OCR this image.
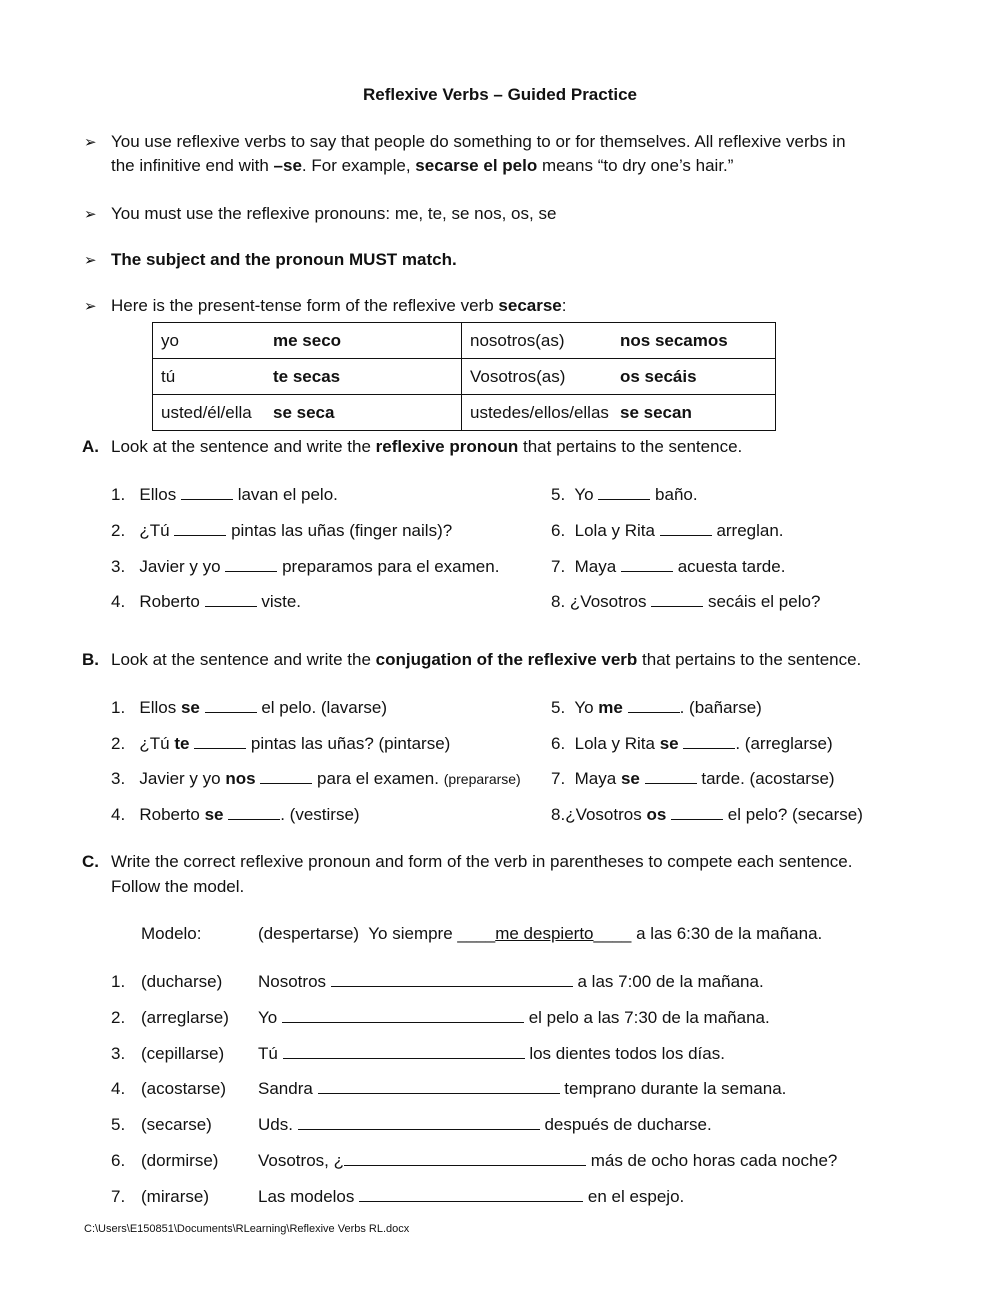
Reflexive Verbs – Guided Practice
➢ You use reflexive verbs to say that people do something to or for themselves. All reflexive verbs in
the infinitive end with –se. For example, secarse el pelo means “to dry one’s hair.”
➢ You must use the reflexive pronouns: me, te, se nos, os, se
➢ The subject and the pronoun MUST match.
➢ Here is the present-tense form of the reflexive verb secarse:
yo me seco	nosotros(as) nos secamos
tú te secas	Vosotros(as) os secáis
usted/él/ella se seca	ustedes/ellos/ellas se secan
A. Look at the sentence and write the reflexive pronoun that pertains to the sentence.
1. Ellos	lavan el pelo.
2. ¿Tú	pintas las uñas (finger nails)?
3. Javier y yo	preparamos para el examen.
4. Roberto	viste.
5. Yo	baño.
6. Lola y Rita	arreglan.
7. Maya	acuesta tarde.
8. ¿Vosotros	secáis el pelo?
B. Look at the sentence and write the conjugation of the reflexive verb that pertains to the sentence.
1. Ellos se	el pelo. (lavarse)
2. ¿Tú te	pintas las uñas? (pintarse)
3. Javier y yo nos	para el examen. (prepararse)
4. Roberto se	. (vestirse)
5. Yo me	. (bañarse)
6. Lola y Rita se	. (arreglarse)
7. Maya se	tarde. (acostarse)
8.¿Vosotros os	el pelo? (secarse)
C. Write the correct reflexive pronoun and form of the verb in parentheses to compete each sentence.
Follow the model.
Modelo:	(despertarse) Yo siempre ____me despierto____ a las 6:30 de la mañana.
1. (ducharse) Nosotros	a las 7:00 de la mañana.
2. (arreglarse) Yo	el pelo a las 7:30 de la mañana.
3. (cepillarse) Tú	los dientes todos los días.
4. (acostarse) Sandra	temprano durante la semana.
5. (secarse)	Uds.	después de ducharse.
6. (dormirse) Vosotros, ¿	más de ocho horas cada noche?
7. (mirarse)	Las modelos	en el espejo.
C:\Users\E150851\Documents\RLearning\Reflexive Verbs RL.docx
